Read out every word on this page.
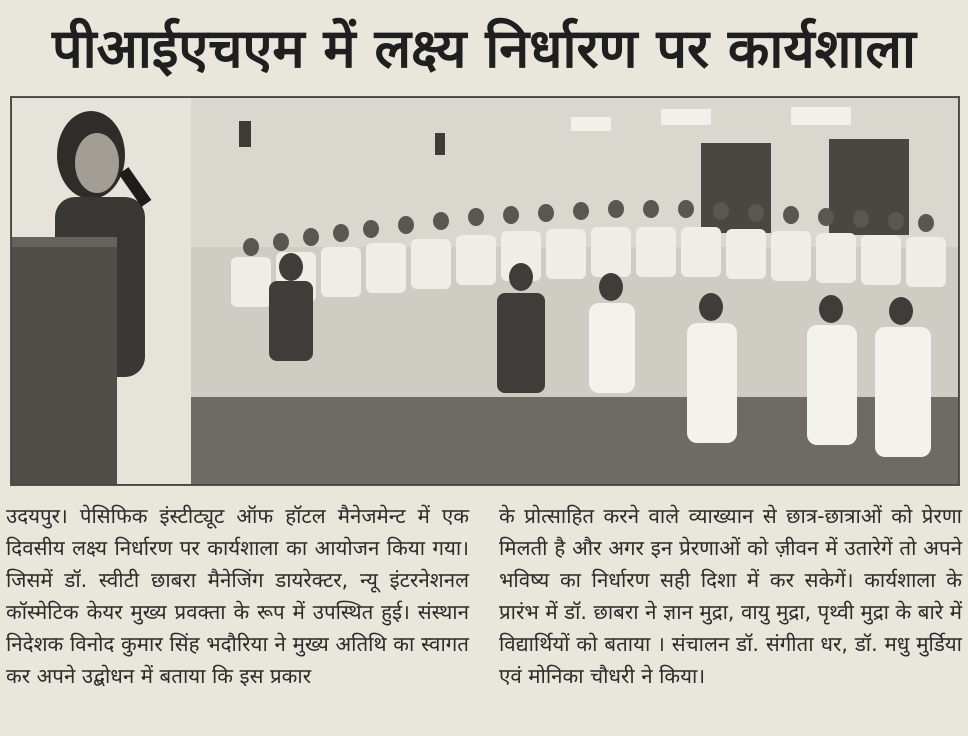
पीआईएचएम में लक्ष्य निर्धारण पर कार्यशाला
उदयपुर। पेसिफिक इंस्टीट्यूट ऑफ हॉटल मैनेजमेन्ट में एक दिवसीय लक्ष्य निर्धारण पर कार्यशाला का आयोजन किया गया। जिसमें डॉ. स्वीटी छाबरा मैनेजिंग डायरेक्टर, न्यू इंटरनेशनल कॉस्मेटिक केयर मुख्य प्रवक्ता के रूप में उपस्थित हुई। संस्थान निदेशक विनोद कुमार सिंह भदौरिया ने मुख्य अतिथि का स्वागत कर अपने उद्बोधन में बताया कि इस प्रकार
के प्रोत्साहित करने वाले व्याख्यान से छात्र-छात्राओं को प्रेरणा मिलती है और अगर इन प्रेरणाओं को ज़ीवन में उतारेगें तो अपने भविष्य का निर्धारण सही दिशा में कर सकेगें। कार्यशाला के प्रारंभ में डॉ. छाबरा ने ज्ञान मुद्रा, वायु मुद्रा, पृथ्वी मुद्रा के बारे में विद्यार्थियों को बताया । संचालन डॉ. संगीता धर, डॉ. मधु मुर्डिया एवं मोनिका चौधरी ने किया।
